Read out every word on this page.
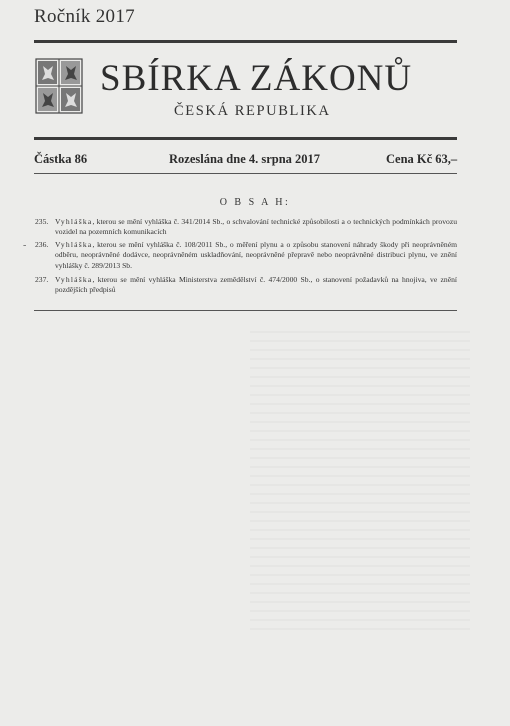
Ročník 2017
SBÍRKA ZÁKONŮ
ČESKÁ REPUBLIKA
Částka 86	Rozeslána dne 4. srpna 2017	Cena Kč 63,–
O B S A H:
-
235. Vyhláška, kterou se mění vyhláška č. 341/2014 Sb., o schvalování technické způsobilosti a o technických podmínkách provozu vozidel na pozemních komunikacích
236. Vyhláška, kterou se mění vyhláška č. 108/2011 Sb., o měření plynu a o způsobu stanovení náhrady škody při neoprávněném odběru, neoprávněné dodávce, neoprávněném uskladňování, neoprávněné přepravě nebo neoprávněné distribuci plynu, ve znění vyhlášky č. 289/2013 Sb.
237. Vyhláška, kterou se mění vyhláška Ministerstva zemědělství č. 474/2000 Sb., o stanovení požadavků na hnojiva, ve znění pozdějších předpisů
